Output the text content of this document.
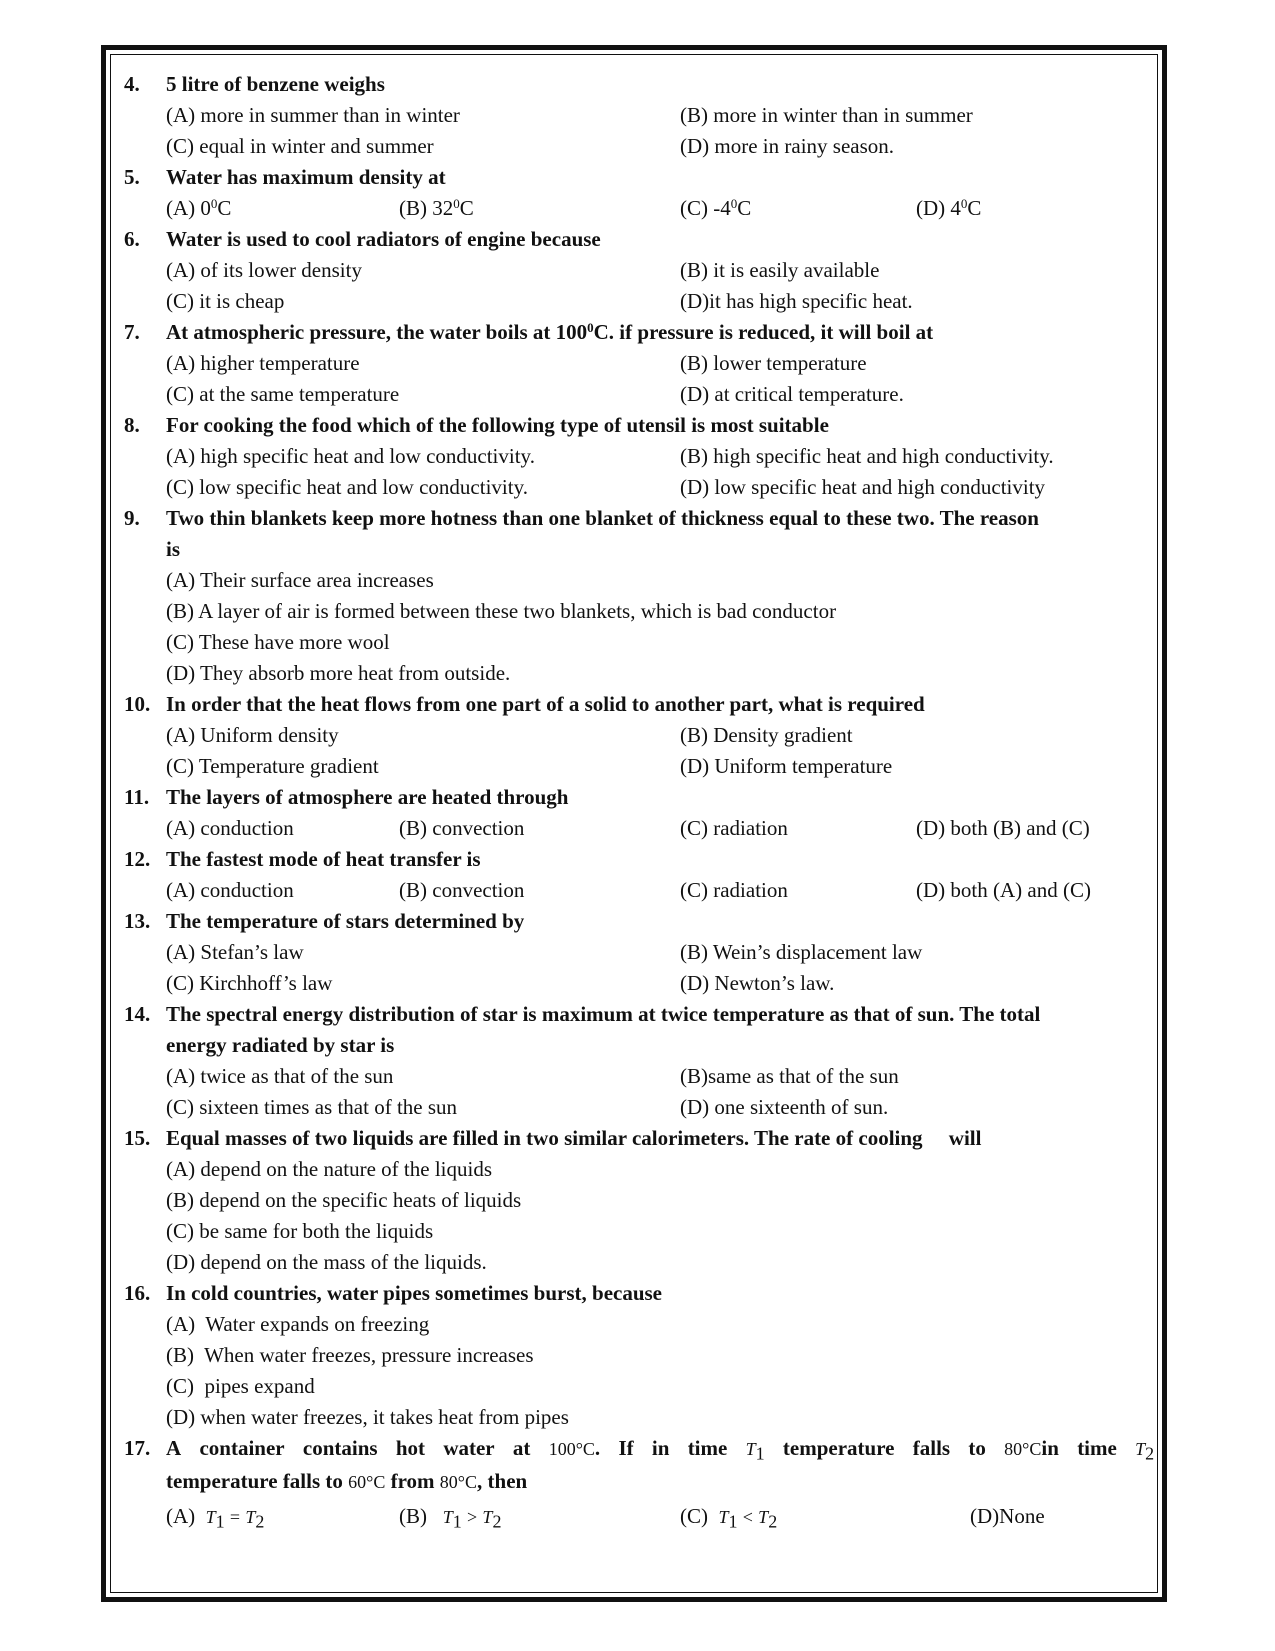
4. 5 litre of benzene weighs
(A) more in summer than in winter	(B) more in winter than in summer
(C) equal in winter and summer	(D) more in rainy season.
5. Water has maximum density at
(A) $0^0C$	(B) $32^0C$	(C) $-4^0C$	(D) $4^0C$
6. Water is used to cool radiators of engine because
(A) of its lower density	(B) it is easily available
(C) it is cheap	(D)it has high specific heat.
7. At atmospheric pressure, the water boils at $100^0C$. if pressure is reduced, it will boil at
(A) higher temperature	(B) lower temperature
(C) at the same temperature	(D) at critical temperature.
8. For cooking the food which of the following type of utensil is most suitable
(A) high specific heat and low conductivity.	(B) high specific heat and high conductivity.
(C) low specific heat and low conductivity.	(D) low specific heat and high conductivity
9. Two thin blankets keep more hotness than one blanket of thickness equal to these two. The reason
is
(A) Their surface area increases
(B) A layer of air is formed between these two blankets, which is bad conductor
(C) These have more wool
(D) They absorb more heat from outside.
10. In order that the heat flows from one part of a solid to another part, what is required
(A) Uniform density	(B) Density gradient
(C) Temperature gradient	(D) Uniform temperature
11. The layers of atmosphere are heated through
(A) conduction	(B) convection	(C) radiation	(D) both (B) and (C)
12. The fastest mode of heat transfer is
(A) conduction	(B) convection	(C) radiation	(D) both (A) and (C)
13. The temperature of stars determined by
(A) Stefan’s law	(B) Wein’s displacement law
(C) Kirchhoff’s law	(D) Newton’s law.
14. The spectral energy distribution of star is maximum at twice temperature as that of sun. The total
energy radiated by star is
(A) twice as that of the sun	(B)same as that of the sun
(C) sixteen times as that of the sun	(D) one sixteenth of sun.
15. Equal masses of two liquids are filled in two similar calorimeters. The rate of cooling     will
(A) depend on the nature of the liquids
(B) depend on the specific heats of liquids
(C) be same for both the liquids
(D) depend on the mass of the liquids.
16. In cold countries, water pipes sometimes burst, because
(A)  Water expands on freezing
(B)  When water freezes, pressure increases
(C)  pipes expand
(D) when water freezes, it takes heat from pipes
17. A container contains hot water at 100°C. If in time $T_1$ temperature falls to 80°Cin time $T_2$
temperature falls to 60°C from 80°C, then
(A) $T_1 = T_2$	(B) $T_1 > T_2$	(C) $T_1 < T_2$	(D)None
